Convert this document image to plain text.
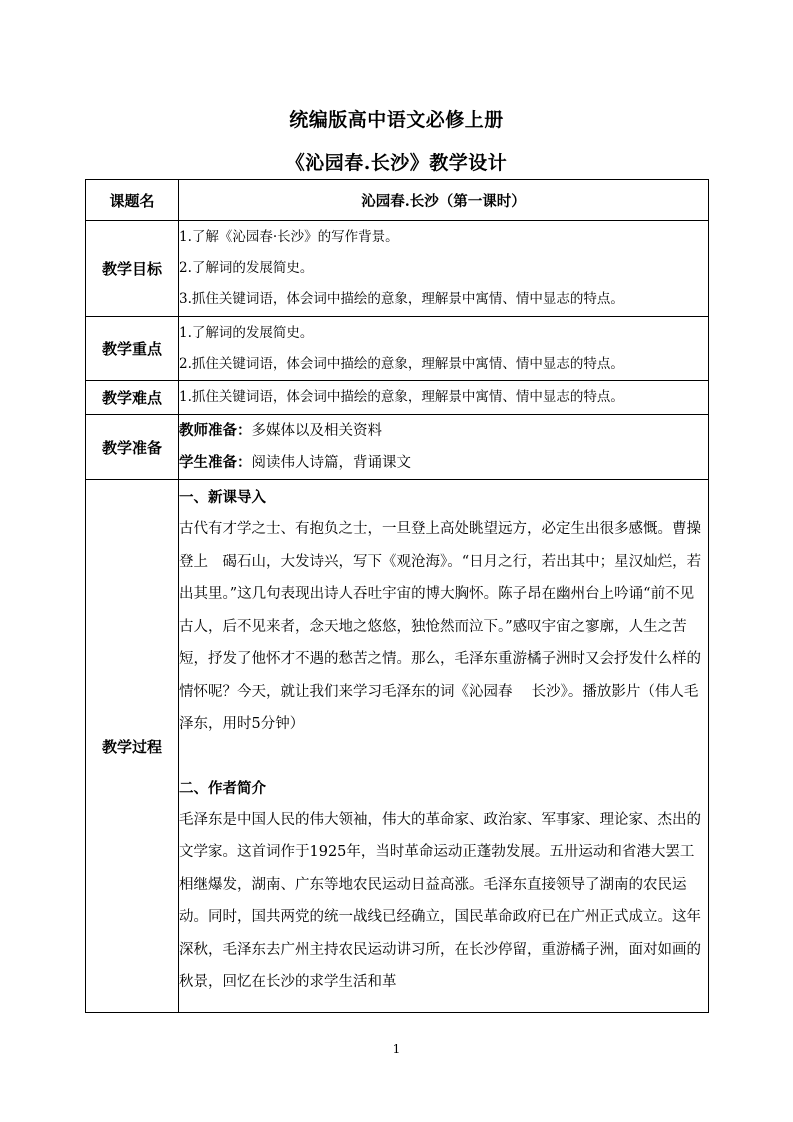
统编版高中语文必修上册
《沁园春.长沙》教学设计
课题名	沁园春.长沙（第一课时）
教学目标	1.了解《沁园春·长沙》的写作背景。
2.了解词的发展简史。
3.抓住关键词语，体会词中描绘的意象，理解景中寓情、情中显志的特点。

教学重点	1.了解词的发展简史。
2.抓住关键词语，体会词中描绘的意象，理解景中寓情、情中显志的特点。

教学难点	1.抓住关键词语，体会词中描绘的意象，理解景中寓情、情中显志的特点。

教学准备	教师准备：多媒体以及相关资料
学生准备：阅读伟人诗篇，背诵课文

教学过程	一、新课导入

古代有才学之士、有抱负之士，一旦登上高处眺望远方，必定生出很多感慨。曹操登上　碣石山，大发诗兴，写下《观沧海》。“日月之行，若出其中；星汉灿烂，若出其里。”这几句表现出诗人吞吐宇宙的博大胸怀。陈子昂在幽州台上吟诵“前不见古人，后不见来者，念天地之悠悠，独怆然而泣下。”感叹宇宙之寥廓，人生之苦短，抒发了他怀才不遇的愁苦之情。那么，毛泽东重游橘子洲时又会抒发什么样的情怀呢？今天，就让我们来学习毛泽东的词《沁园春　 长沙》。播放影片（伟人毛泽东，用时5分钟）

二、作者简介

毛泽东是中国人民的伟大领袖，伟大的革命家、政治家、军事家、理论家、杰出的文学家。这首词作于1925年，当时革命运动正蓬勃发展。五卅运动和省港大罢工相继爆发，湖南、广东等地农民运动日益高涨。毛泽东直接领导了湖南的农民运动。同时，国共两党的统一战线已经确立，国民革命政府已在广州正式成立。这年深秋，毛泽东去广州主持农民运动讲习所，在长沙停留，重游橘子洲，面对如画的秋景，回忆在长沙的求学生活和革

1
